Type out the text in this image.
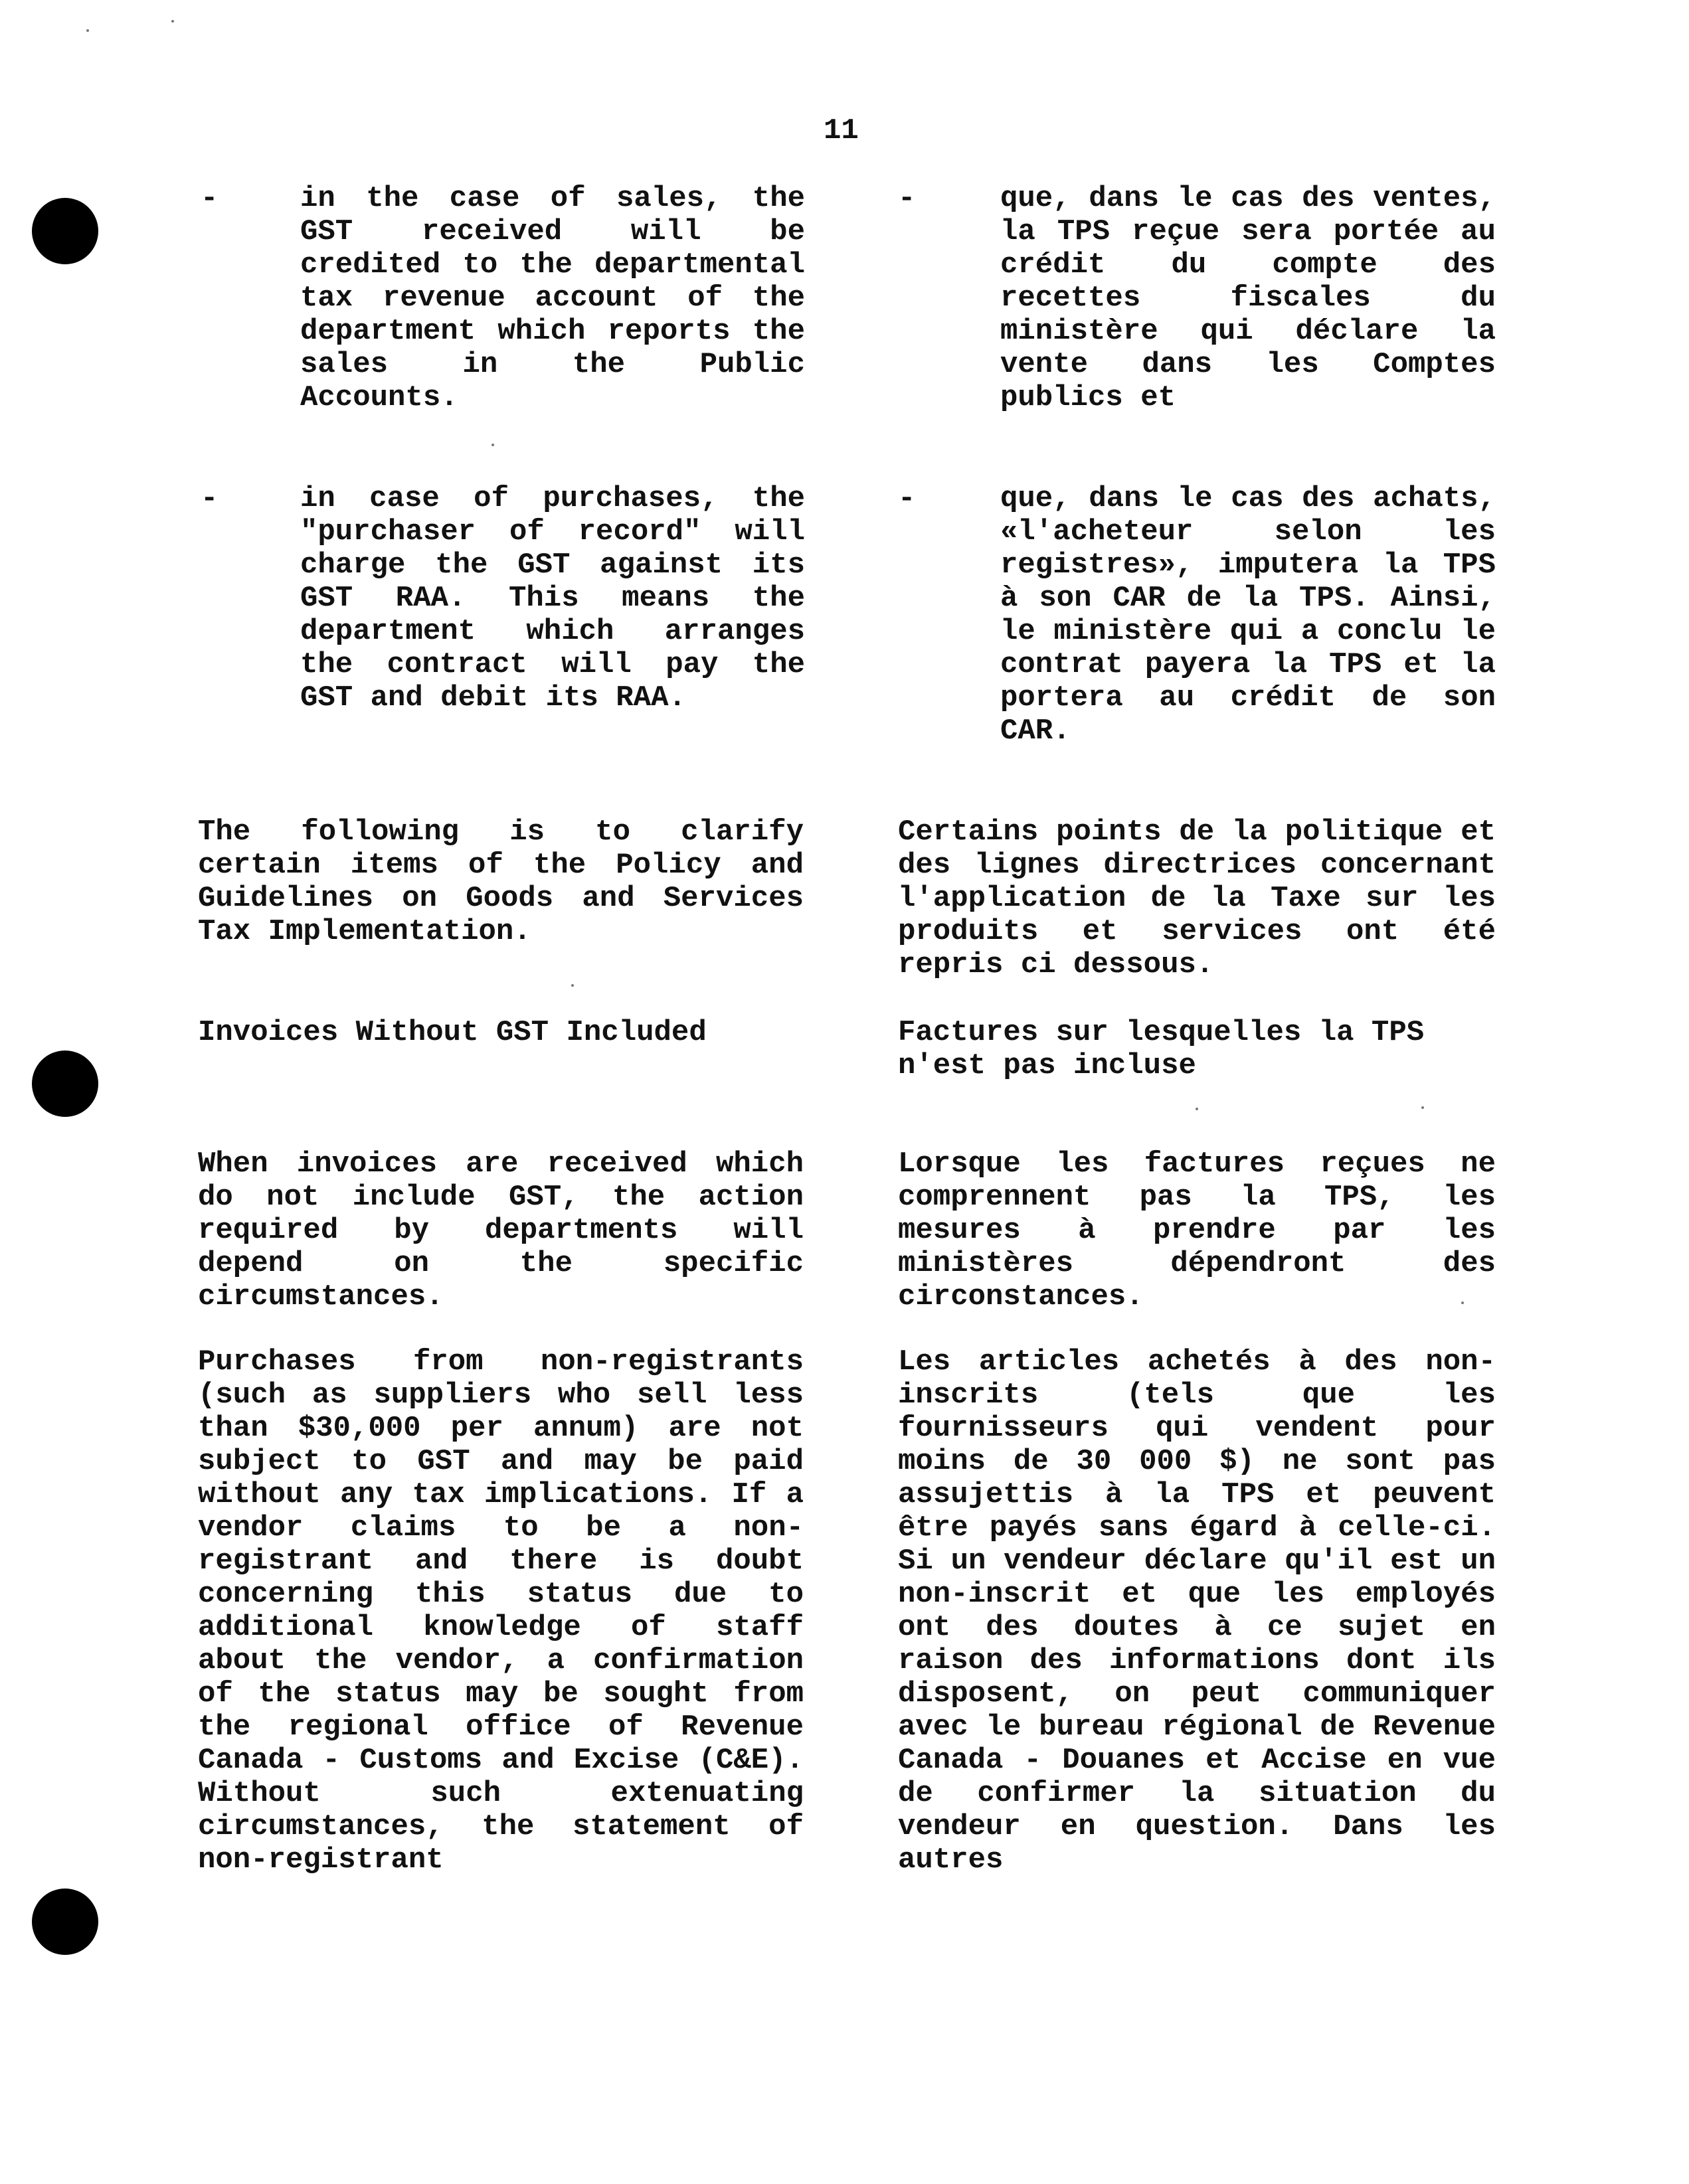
11
-	in the case of sales, the GST received will be credited to the departmental tax revenue account of the department which reports the sales in the Public Accounts.
-	que, dans le cas des ventes, la TPS reçue sera portée au crédit du compte des recettes fiscales du ministère qui déclare la vente dans les Comptes publics et
-	in case of purchases, the "purchaser of record" will charge the GST against its GST RAA. This means the department which arranges the contract will pay the GST and debit its RAA.
-	que, dans le cas des achats, «l'acheteur selon les registres», imputera la TPS à son CAR de la TPS. Ainsi, le ministère qui a conclu le contrat payera la TPS et la portera au crédit de son CAR.
The following is to clarify certain items of the Policy and Guidelines on Goods and Services Tax Implementation.
Certains points de la politique et des lignes directrices concernant l'application de la Taxe sur les produits et services ont été repris ci dessous.
Invoices Without GST Included	Factures sur lesquelles la TPS n'est pas incluse
When invoices are received which do not include GST, the action required by departments will depend on the specific circumstances.
Lorsque les factures reçues ne comprennent pas la TPS, les mesures à prendre par les ministères dépendront des circonstances.
Purchases from non-registrants (such as suppliers who sell less than $30,000 per annum) are not subject to GST and may be paid without any tax implications. If a vendor claims to be a non-registrant and there is doubt concerning this status due to additional knowledge of staff about the vendor, a confirmation of the status may be sought from the regional office of Revenue Canada - Customs and Excise (C&E). Without such extenuating circumstances, the statement of non-registrant
Les articles achetés à des non-inscrits (tels que les fournisseurs qui vendent pour moins de 30 000 $) ne sont pas assujettis à la TPS et peuvent être payés sans égard à celle-ci. Si un vendeur déclare qu'il est un non-inscrit et que les employés ont des doutes à ce sujet en raison des informations dont ils disposent, on peut communiquer avec le bureau régional de Revenue Canada - Douanes et Accise en vue de confirmer la situation du vendeur en question. Dans les autres
